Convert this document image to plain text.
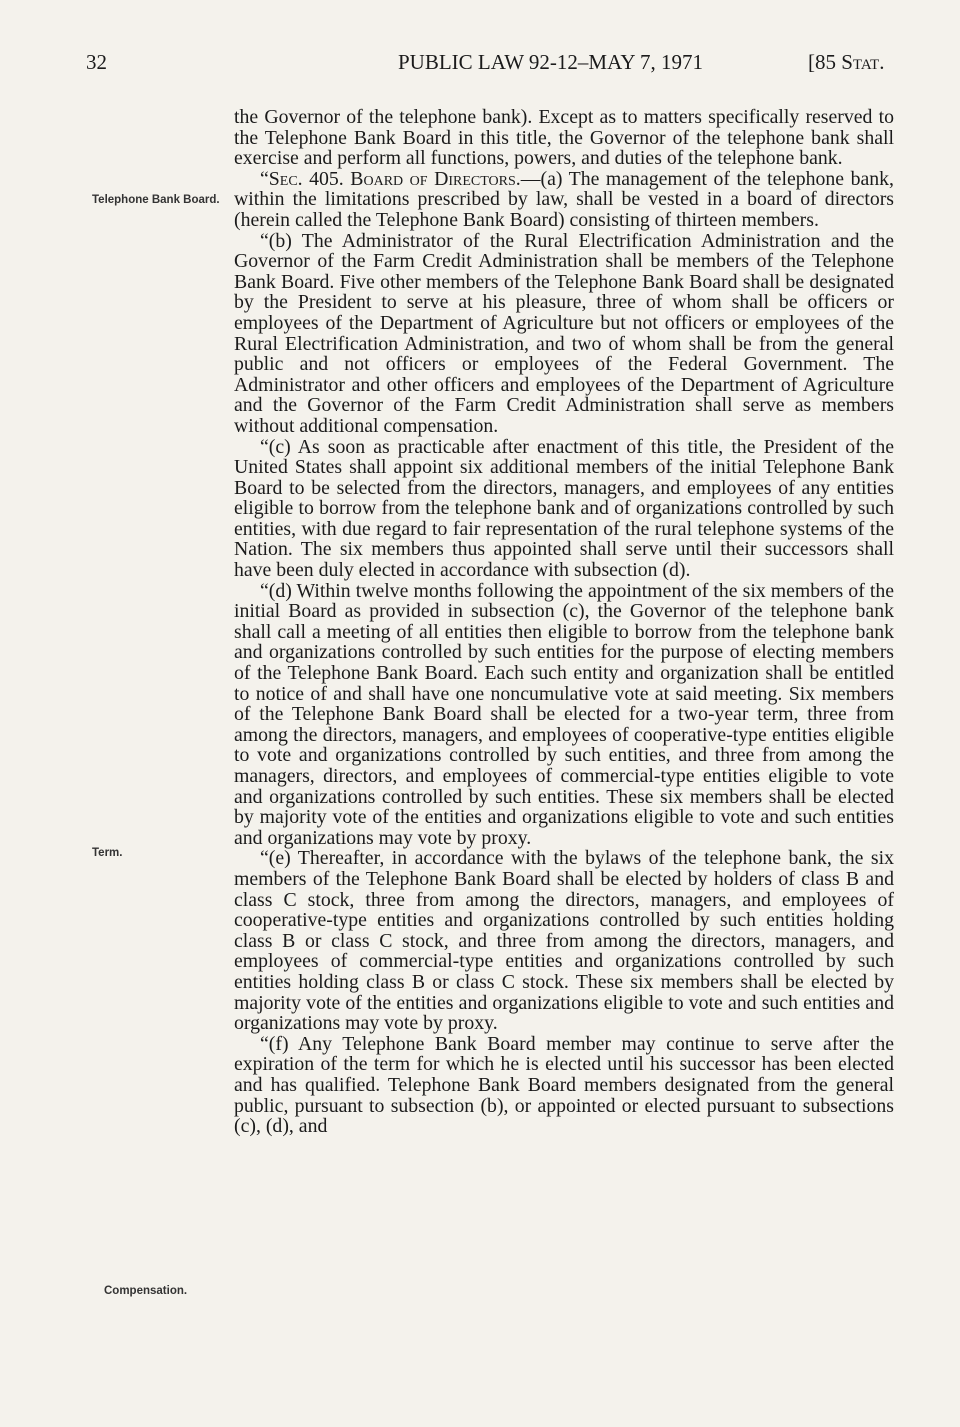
32	PUBLIC LAW 92-12–MAY 7, 1971	[85 Stat.
Telephone Bank Board.
Term.
Compensation.

the Governor of the telephone bank). Except as to matters specifically reserved to the Telephone Bank Board in this title, the Governor of the telephone bank shall exercise and perform all functions, powers, and duties of the telephone bank.

“Sec. 405. Board of Directors.—(a) The management of the telephone bank, within the limitations prescribed by law, shall be vested in a board of directors (herein called the Telephone Bank Board) consisting of thirteen members.

“(b) The Administrator of the Rural Electrification Administration and the Governor of the Farm Credit Administration shall be members of the Telephone Bank Board. Five other members of the Telephone Bank Board shall be designated by the President to serve at his pleasure, three of whom shall be officers or employees of the Department of Agriculture but not officers or employees of the Rural Electrification Administration, and two of whom shall be from the general public and not officers or employees of the Federal Government. The Administrator and other officers and employees of the Department of Agriculture and the Governor of the Farm Credit Administration shall serve as members without additional compensation.

“(c) As soon as practicable after enactment of this title, the President of the United States shall appoint six additional members of the initial Telephone Bank Board to be selected from the directors, managers, and employees of any entities eligible to borrow from the telephone bank and of organizations controlled by such entities, with due regard to fair representation of the rural telephone systems of the Nation. The six members thus appointed shall serve until their successors shall have been duly elected in accordance with subsection (d).

“(d) Within twelve months following the appointment of the six members of the initial Board as provided in subsection (c), the Governor of the telephone bank shall call a meeting of all entities then eligible to borrow from the telephone bank and organizations controlled by such entities for the purpose of electing members of the Telephone Bank Board. Each such entity and organization shall be entitled to notice of and shall have one noncumulative vote at said meeting. Six members of the Telephone Bank Board shall be elected for a two-year term, three from among the directors, managers, and employees of cooperative-type entities eligible to vote and organizations controlled by such entities, and three from among the managers, directors, and employees of commercial-type entities eligible to vote and organizations controlled by such entities. These six members shall be elected by majority vote of the entities and organizations eligible to vote and such entities and organizations may vote by proxy.

“(e) Thereafter, in accordance with the bylaws of the telephone bank, the six members of the Telephone Bank Board shall be elected by holders of class B and class C stock, three from among the directors, managers, and employees of cooperative-type entities and organizations controlled by such entities holding class B or class C stock, and three from among the directors, managers, and employees of commercial-type entities and organizations controlled by such entities holding class B or class C stock. These six members shall be elected by majority vote of the entities and organizations eligible to vote and such entities and organizations may vote by proxy.

“(f) Any Telephone Bank Board member may continue to serve after the expiration of the term for which he is elected until his successor has been elected and has qualified. Telephone Bank Board members designated from the general public, pursuant to subsection (b), or appointed or elected pursuant to subsections (c), (d), and
